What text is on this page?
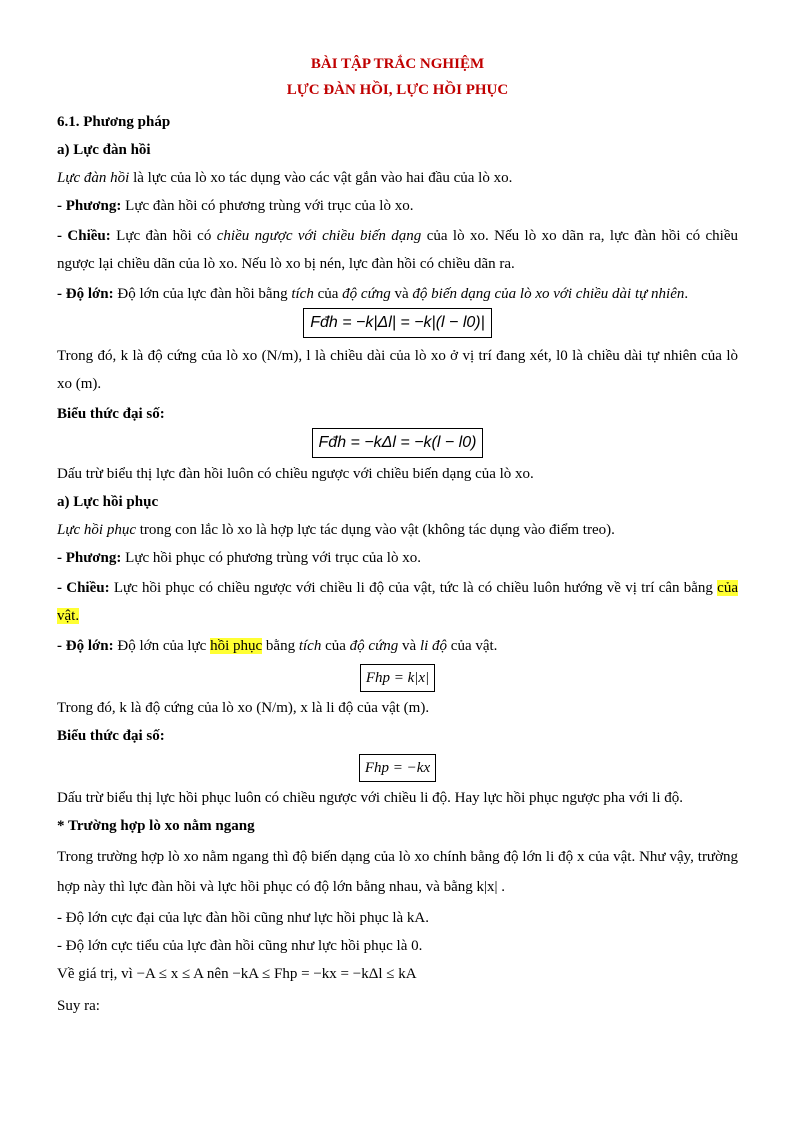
BÀI TẬP TRẮC NGHIỆM
LỰC ĐÀN HỒI, LỰC HỒI PHỤC

6.1. Phương pháp

a) Lực đàn hồi

Lực đàn hồi là lực của lò xo tác dụng vào các vật gắn vào hai đầu của lò xo.

- Phương: Lực đàn hồi có phương trùng với trục của lò xo.

- Chiều: Lực đàn hồi có chiều ngược với chiều biến dạng của lò xo. Nếu lò xo dãn ra, lực đàn hồi có chiều ngược lại chiều dãn của lò xo. Nếu lò xo bị nén, lực đàn hồi có chiều dãn ra.

- Độ lớn: Độ lớn của lực đàn hồi bằng tích của độ cứng và độ biến dạng của lò xo với chiều dài tự nhiên.

Fđh = −k|Δl| = −k|(l − l0)|

Trong đó, k là độ cứng của lò xo (N/m), l là chiều dài của lò xo ở vị trí đang xét, l0 là chiều dài tự nhiên của lò xo (m).

Biểu thức đại số:

Fđh = −kΔl = −k(l − l0)

Dấu trừ biểu thị lực đàn hồi luôn có chiều ngược với chiều biến dạng của lò xo.

a) Lực hồi phục

Lực hồi phục trong con lắc lò xo là hợp lực tác dụng vào vật (không tác dụng vào điểm treo).

- Phương: Lực hồi phục có phương trùng với trục của lò xo.

- Chiều: Lực hồi phục có chiều ngược với chiều li độ của vật, tức là có chiều luôn hướng về vị trí cân bằng của vật.

- Độ lớn: Độ lớn của lực hồi phục bằng tích của độ cứng và li độ của vật.

Fhp = k|x|

Trong đó, k là độ cứng của lò xo (N/m), x là li độ của vật (m).

Biểu thức đại số:

Fhp = −kx

Dấu trừ biểu thị lực hồi phục luôn có chiều ngược với chiều li độ. Hay lực hồi phục ngược pha với li độ.

* Trường hợp lò xo nằm ngang

Trong trường hợp lò xo nằm ngang thì độ biến dạng của lò xo chính bằng độ lớn li độ x của vật. Như vậy, trường hợp này thì lực đàn hồi và lực hồi phục có độ lớn bằng nhau, và bằng k|x| .

- Độ lớn cực đại của lực đàn hồi cũng như lực hồi phục là kA.

- Độ lớn cực tiểu của lực đàn hồi cũng như lực hồi phục là 0.

Về giá trị, vì −A ≤ x ≤ A nên −kA ≤ Fhp = −kx = −kΔl ≤ kA

Suy ra:
